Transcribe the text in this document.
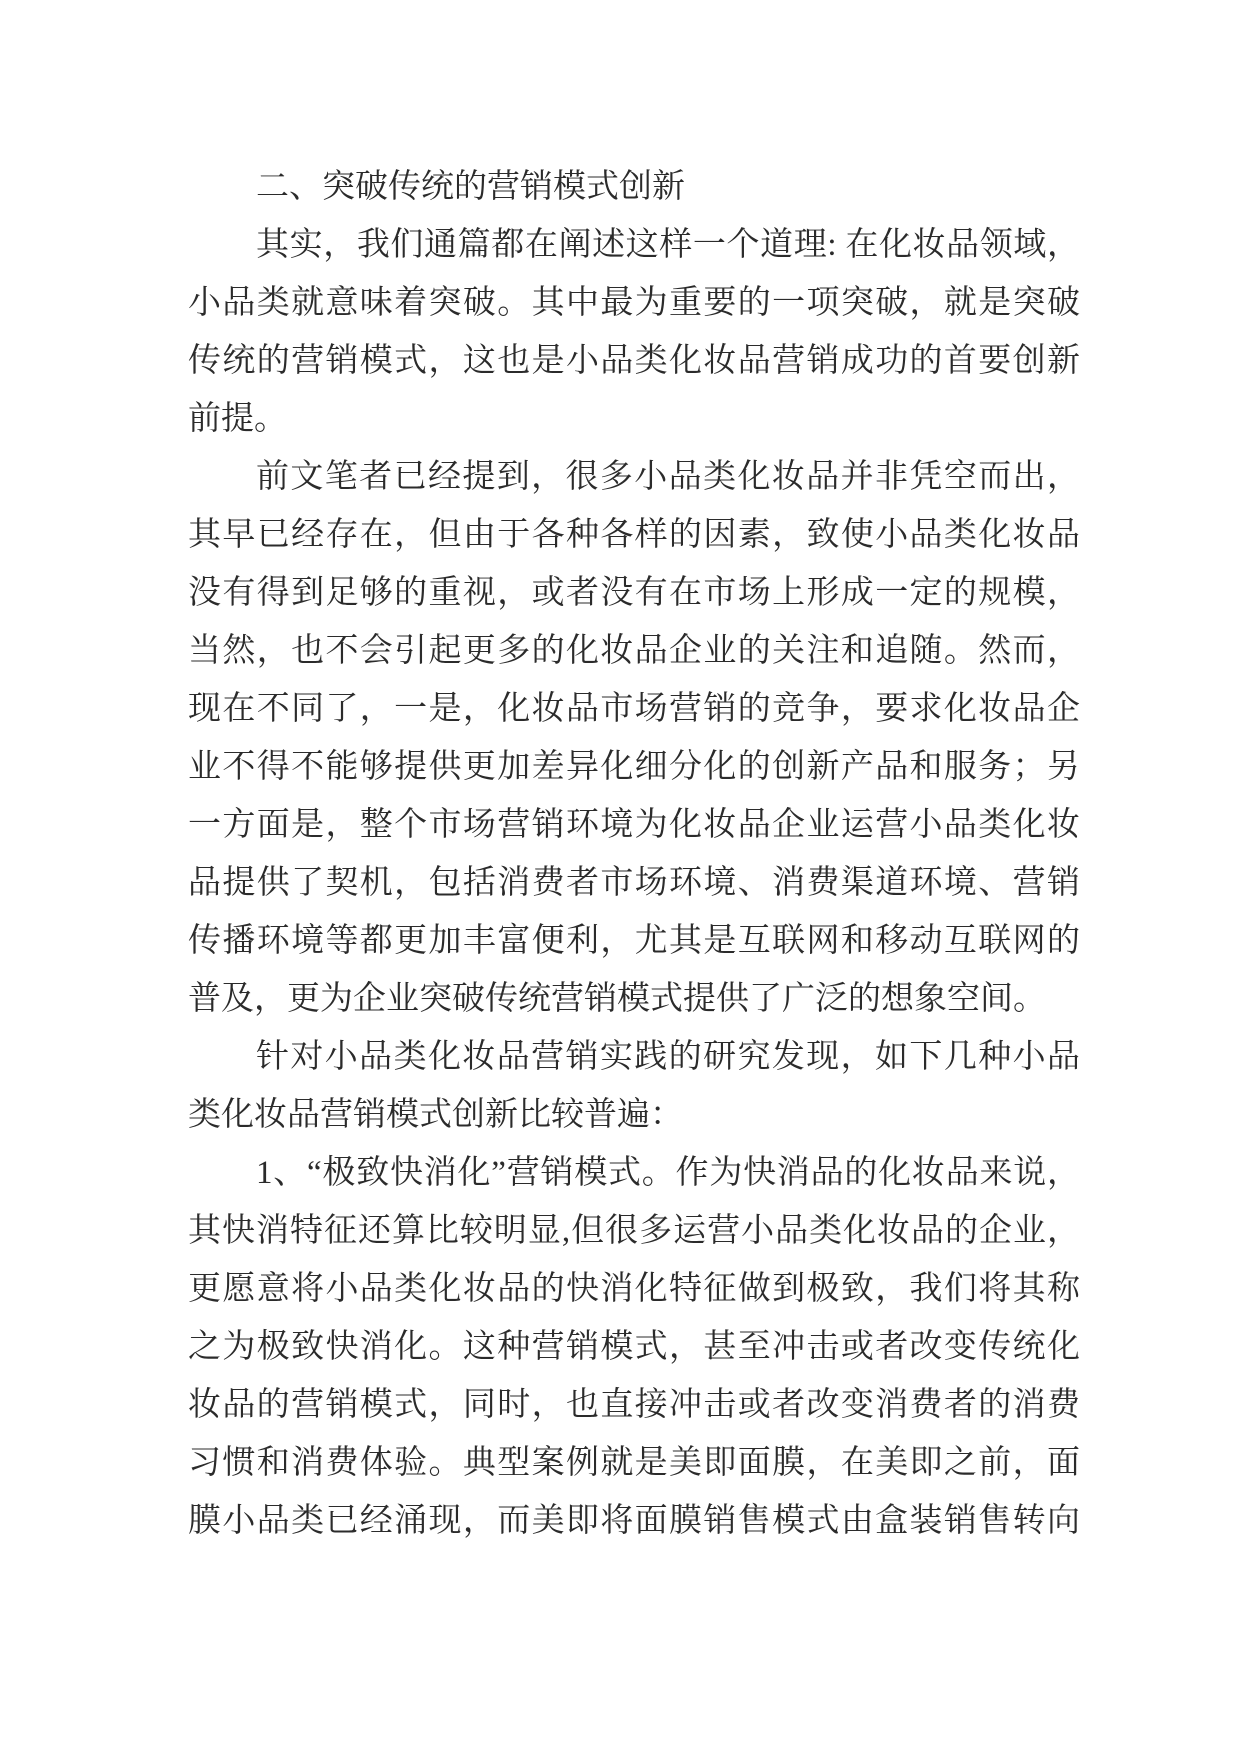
二、突破传统的营销模式创新
其实，我们通篇都在阐述这样一个道理: 在化妆品领域，
小品类就意味着突破。其中最为重要的一项突破，就是突破
传统的营销模式，这也是小品类化妆品营销成功的首要创新
前提。
前文笔者已经提到，很多小品类化妆品并非凭空而出，
其早已经存在，但由于各种各样的因素，致使小品类化妆品
没有得到足够的重视，或者没有在市场上形成一定的规模，
当然，也不会引起更多的化妆品企业的关注和追随。然而，
现在不同了，一是，化妆品市场营销的竞争，要求化妆品企
业不得不能够提供更加差异化细分化的创新产品和服务；另
一方面是，整个市场营销环境为化妆品企业运营小品类化妆
品提供了契机，包括消费者市场环境、消费渠道环境、营销
传播环境等都更加丰富便利，尤其是互联网和移动互联网的
普及，更为企业突破传统营销模式提供了广泛的想象空间。
针对小品类化妆品营销实践的研究发现，如下几种小品
类化妆品营销模式创新比较普遍：
1、“极致快消化”营销模式。作为快消品的化妆品来说，
其快消特征还算比较明显,但很多运营小品类化妆品的企业，
更愿意将小品类化妆品的快消化特征做到极致，我们将其称
之为极致快消化。这种营销模式，甚至冲击或者改变传统化
妆品的营销模式，同时，也直接冲击或者改变消费者的消费
习惯和消费体验。典型案例就是美即面膜，在美即之前，面
膜小品类已经涌现，而美即将面膜销售模式由盒装销售转向
